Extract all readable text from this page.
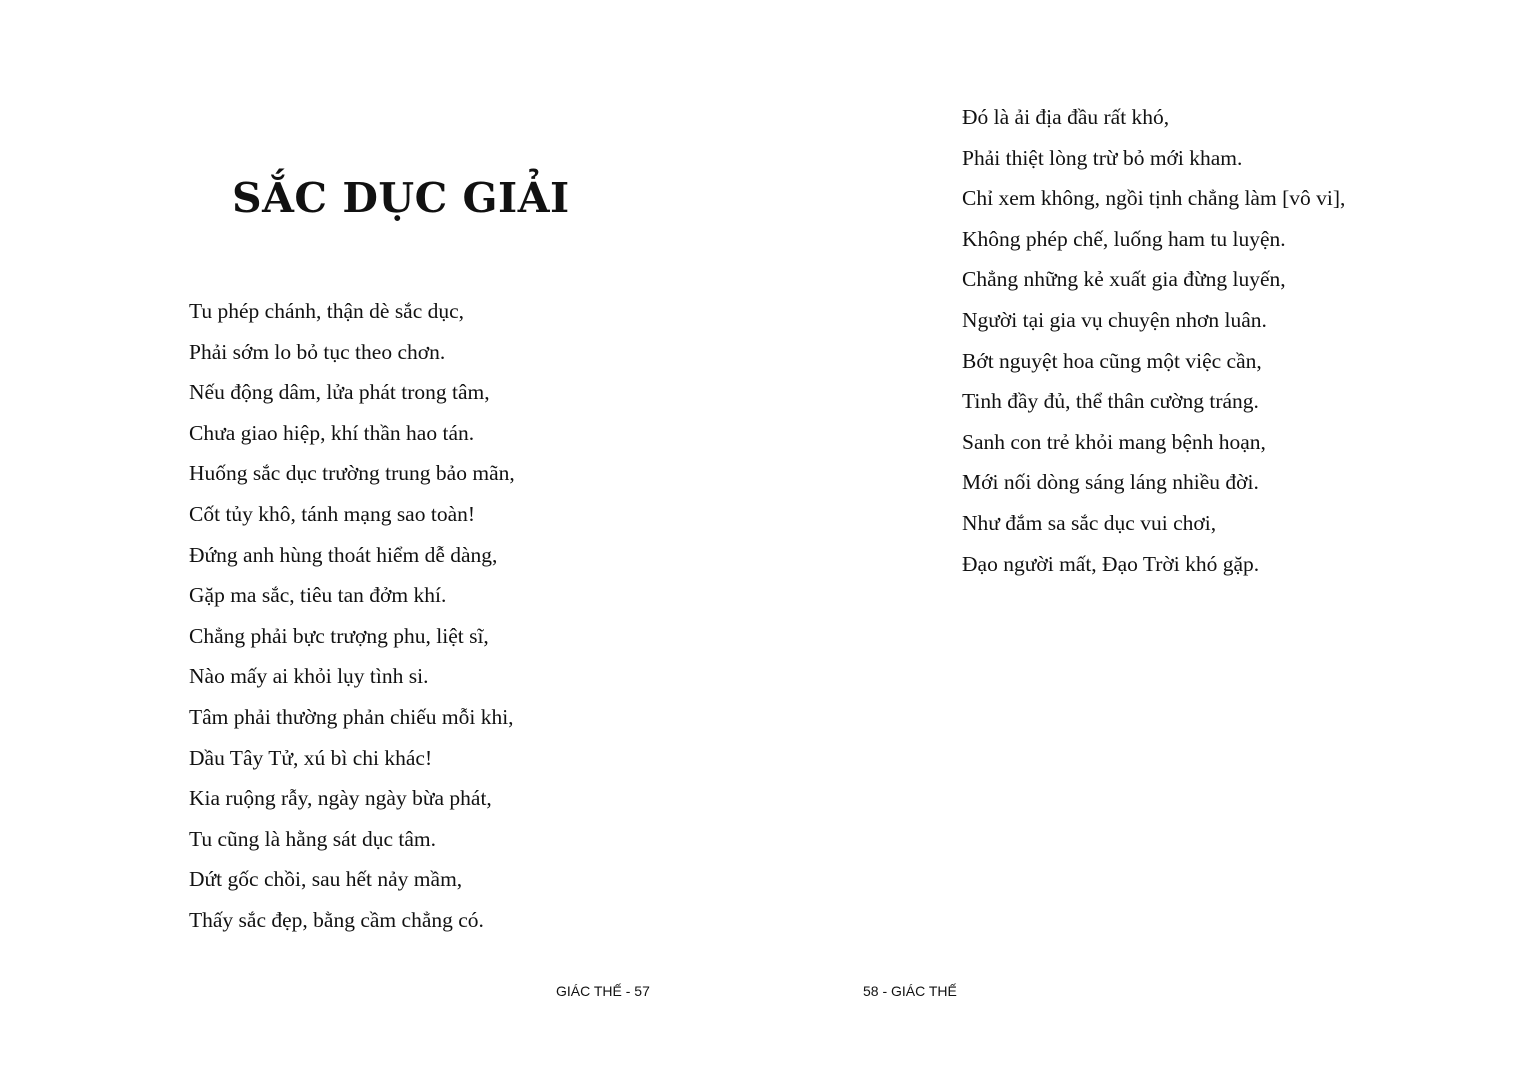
SẮC DỤC GIẢI
Tu phép chánh, thận dè sắc dục,
Phải sớm lo bỏ tục theo chơn.
Nếu động dâm, lửa phát trong tâm,
Chưa giao hiệp, khí thần hao tán.
Huống sắc dục trường trung bảo mãn,
Cốt tủy khô, tánh mạng sao toàn!
Đứng anh hùng thoát hiểm dễ dàng,
Gặp ma sắc, tiêu tan đởm khí.
Chẳng phải bực trượng phu, liệt sĩ,
Nào mấy ai khỏi lụy tình si.
Tâm phải thường phản chiếu mỗi khi,
Dầu Tây Tử, xú bì chi khác!
Kia ruộng rẫy, ngày ngày bừa phát,
Tu cũng là hằng sát dục tâm.
Dứt gốc chồi, sau hết nảy mầm,
Thấy sắc đẹp, bằng cầm chẳng có.
GIÁC THẾ - 57
Đó là ải địa đầu rất khó,
Phải thiệt lòng trừ bỏ mới kham.
Chỉ xem không, ngồi tịnh chẳng làm [vô vi],
Không phép chế, luống ham tu luyện.
Chẳng những kẻ xuất gia đừng luyến,
Người tại gia vụ chuyện nhơn luân.
Bớt nguyệt hoa cũng một việc cần,
Tinh đầy đủ, thể thân cường tráng.
Sanh con trẻ khỏi mang bệnh hoạn,
Mới nối dòng sáng láng nhiều đời.
Như đắm sa sắc dục vui chơi,
Đạo người mất, Đạo Trời khó gặp.
58 - GIÁC THẾ
